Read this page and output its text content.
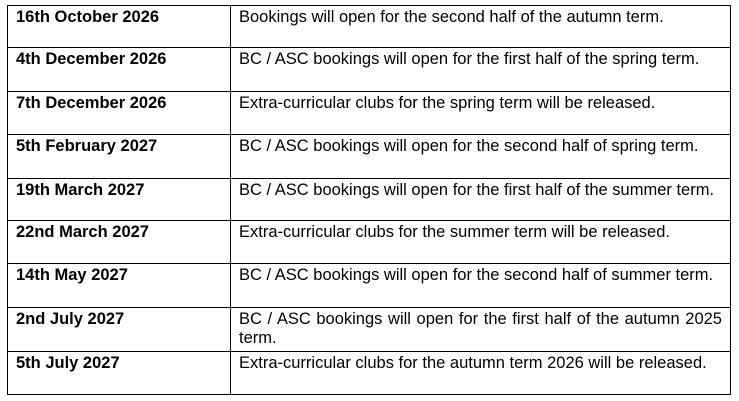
16th October 2026	Bookings will open for the second half of the autumn term.
4th December 2026	BC / ASC bookings will open for the first half of the spring term.
7th December 2026	Extra-curricular clubs for the spring term will be released.
5th February 2027	BC / ASC bookings will open for the second half of spring term.
19th March 2027	BC / ASC bookings will open for the first half of the summer term.
22nd March 2027	Extra-curricular clubs for the summer term will be released.
14th May 2027	BC / ASC bookings will open for the second half of summer term.
2nd July 2027	BC / ASC bookings will open for the first half of the autumn 2025 term.
5th July 2027	Extra-curricular clubs for the autumn term 2026 will be released.
